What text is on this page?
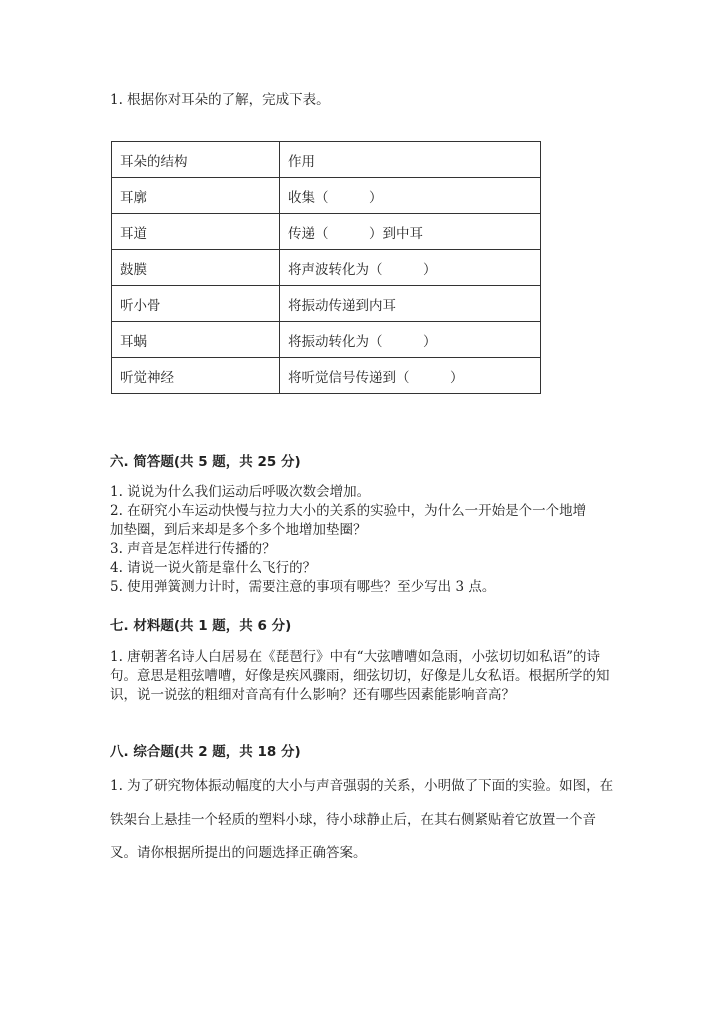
1. 根据你对耳朵的了解，完成下表。
耳朵的结构	作用
耳廓	收集（　　　）
耳道	传递（　　　）到中耳
鼓膜	将声波转化为（　　　）
听小骨	将振动传递到内耳
耳蜗	将振动转化为（　　　）
听觉神经	将听觉信号传递到（　　　）
六. 简答题(共 5 题，共 25 分)
1. 说说为什么我们运动后呼吸次数会增加。
2. 在研究小车运动快慢与拉力大小的关系的实验中，为什么一开始是个一个地增　加垫圈，到后来却是多个多个地增加垫圈？
3. 声音是怎样进行传播的？
4. 请说一说火箭是靠什么飞行的？
5. 使用弹簧测力计时，需要注意的事项有哪些？至少写出 3 点。
七. 材料题(共 1 题，共 6 分)
1. 唐朝著名诗人白居易在《琵琶行》中有“大弦嘈嘈如急雨，小弦切切如私语”的诗句。意思是粗弦嘈嘈，好像是疾风骤雨，细弦切切，好像是儿女私语。根据所学的知识，说一说弦的粗细对音高有什么影响？还有哪些因素能影响音高？
八. 综合题(共 2 题，共 18 分)
1. 为了研究物体振动幅度的大小与声音强弱的关系，小明做了下面的实验。如图，在铁架台上悬挂一个轻质的塑料小球，待小球静止后，在其右侧紧贴着它放置一个音叉。请你根据所提出的问题选择正确答案。
